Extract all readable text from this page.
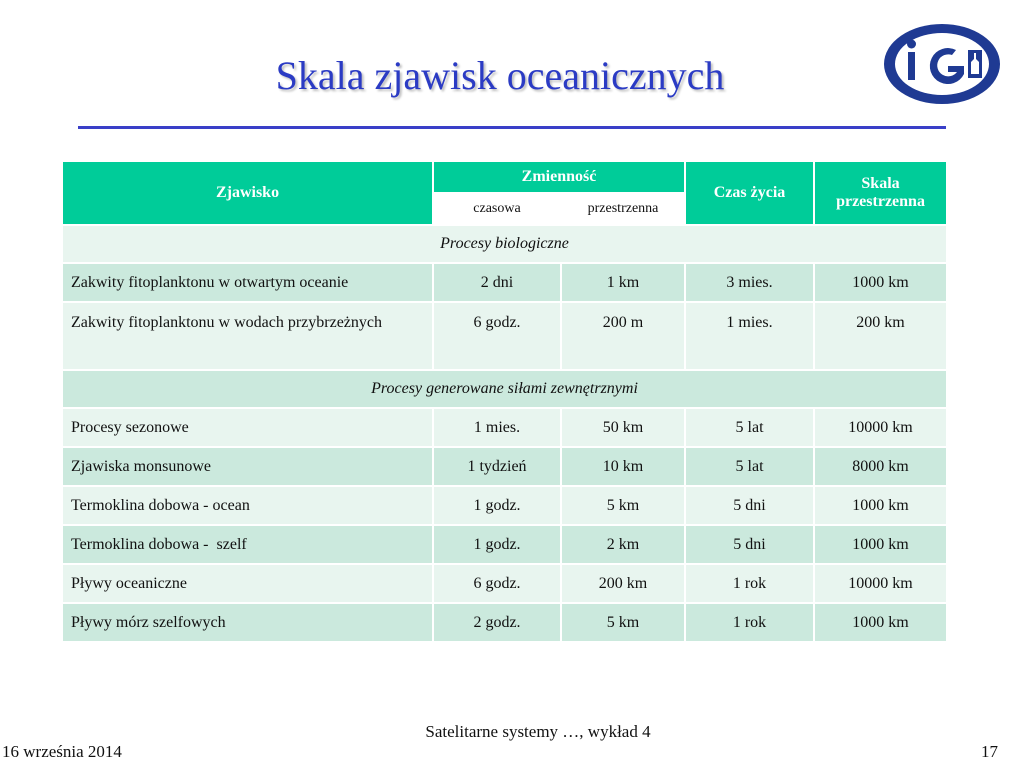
Skala zjawisk oceanicznych
Zjawisko	Zmienność		Czas życia	Skala przestrzenna
	czasowa	przestrzenna		
Procesy biologiczne				
Zakwity fitoplanktonu w otwartym oceanie	2 dni	1 km	3 mies.	1000 km
Zakwity fitoplanktonu w wodach przybrzeżnych	6 godz.	200 m	1 mies.	200 km
Procesy generowane siłami zewnętrznymi				
Procesy sezonowe	1 mies.	50 km	5 lat	10000 km
Zjawiska monsunowe	1 tydzień	10 km	5 lat	8000 km
Termoklina dobowa - ocean	1 godz.	5 km	5 dni	1000 km
Termoklina dobowa -  szelf	1 godz.	2 km	5 dni	1000 km
Pływy oceaniczne	6 godz.	200 km	1 rok	10000 km
Pływy mórz szelfowych	2 godz.	5 km	1 rok	1000 km
Satelitarne systemy …, wykład 4
16 września 2014	17
